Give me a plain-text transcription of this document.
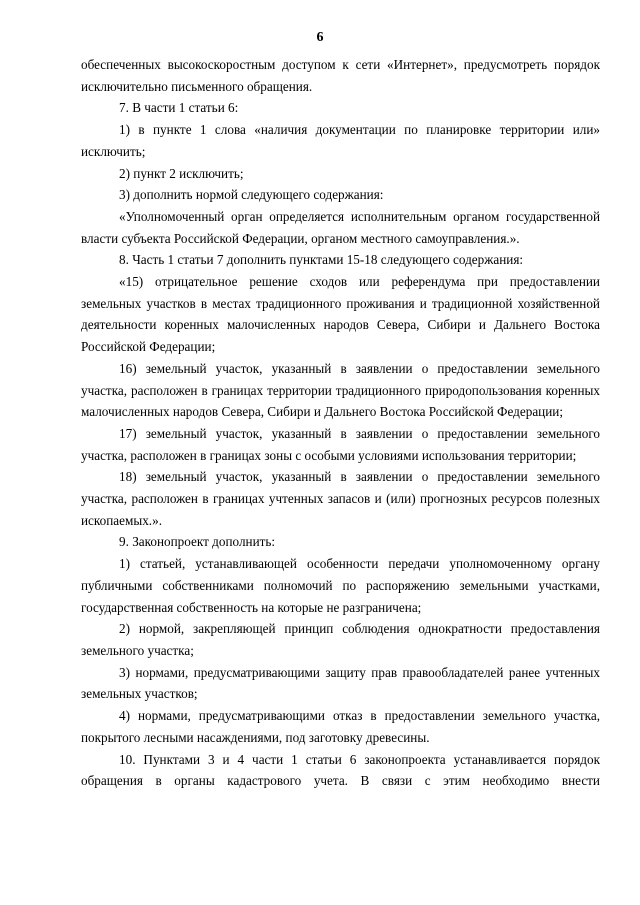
6

обеспеченных высокоскоростным доступом к сети «Интернет», предусмотреть порядок исключительно письменного обращения.

7. В части 1 статьи 6:

1) в пункте 1 слова «наличия документации по планировке территории или» исключить;

2) пункт 2 исключить;

3) дополнить нормой следующего содержания:

«Уполномоченный орган определяется исполнительным органом государственной власти субъекта Российской Федерации, органом местного самоуправления.».

8. Часть 1 статьи 7 дополнить пунктами 15-18 следующего содержания:

«15) отрицательное решение сходов или референдума при предоставлении земельных участков в местах традиционного проживания и традиционной хозяйственной деятельности коренных малочисленных народов Севера, Сибири и Дальнего Востока Российской Федерации;

16) земельный участок, указанный в заявлении о предоставлении земельного участка, расположен в границах территории традиционного природопользования коренных малочисленных народов Севера, Сибири и Дальнего Востока Российской Федерации;

17) земельный участок, указанный в заявлении о предоставлении земельного участка, расположен в границах зоны с особыми условиями использования территории;

18) земельный участок, указанный в заявлении о предоставлении земельного участка, расположен в границах учтенных запасов и (или) прогнозных ресурсов полезных ископаемых.».

9. Законопроект дополнить:

1) статьей, устанавливающей особенности передачи уполномоченному органу публичными собственниками полномочий по распоряжению земельными участками, государственная собственность на которые не разграничена;

2) нормой, закрепляющей принцип соблюдения однократности предоставления земельного участка;

3) нормами, предусматривающими защиту прав правообладателей ранее учтенных земельных участков;

4) нормами, предусматривающими отказ в предоставлении земельного участка, покрытого лесными насаждениями, под заготовку древесины.

10. Пунктами 3 и 4 части 1 статьи 6 законопроекта устанавливается порядок обращения в органы кадастрового учета. В связи с этим необходимо внести
